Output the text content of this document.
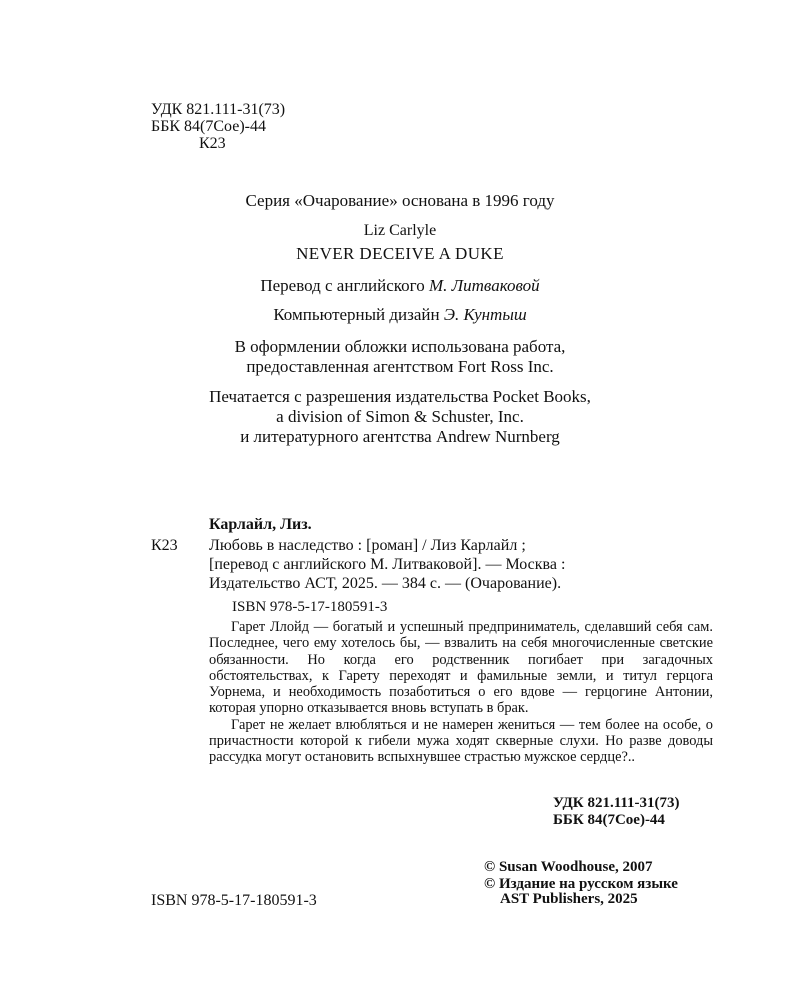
УДК 821.111-31(73)
ББК 84(7Сое)-44
К23
Серия «Очарование» основана в 1996 году
Liz Carlyle
NEVER DECEIVE A DUKE
Перевод с английского М. Литваковой
Компьютерный дизайн Э. Кунтыш
В оформлении обложки использована работа,
предоставленная агентством Fort Ross Inc.
Печатается с разрешения издательства Pocket Books,
a division of Simon & Schuster, Inc.
и литературного агентства Andrew Nurnberg
Карлайл, Лиз.
К23 Любовь в наследство : [роман] / Лиз Карлайл ;
[перевод с английского М. Литваковой]. — Москва :
Издательство АСТ, 2025. — 384 с. — (Очарование).
ISBN 978-5-17-180591-3

Гарет Ллойд — богатый и успешный предприниматель, сделавший себя сам. Последнее, чего ему хотелось бы, — взвалить на себя многочисленные светские обязанности. Но когда его родственник погибает при загадочных обстоятельствах, к Гарету переходят и фамильные земли, и титул герцога Уорнема, и необходимость позаботиться о его вдове — герцогине Антонии, которая упорно отказывается вновь вступать в брак.

Гарет не желает влюбляться и не намерен жениться — тем более на особе, о причастности которой к гибели мужа ходят скверные слухи. Но разве доводы рассудка могут остановить вспыхнувшее страстью мужское сердце?..

УДК 821.111-31(73)
ББК 84(7Сое)-44
© Susan Woodhouse, 2007
© Издание на русском языке
AST Publishers, 2025
ISBN 978-5-17-180591-3
